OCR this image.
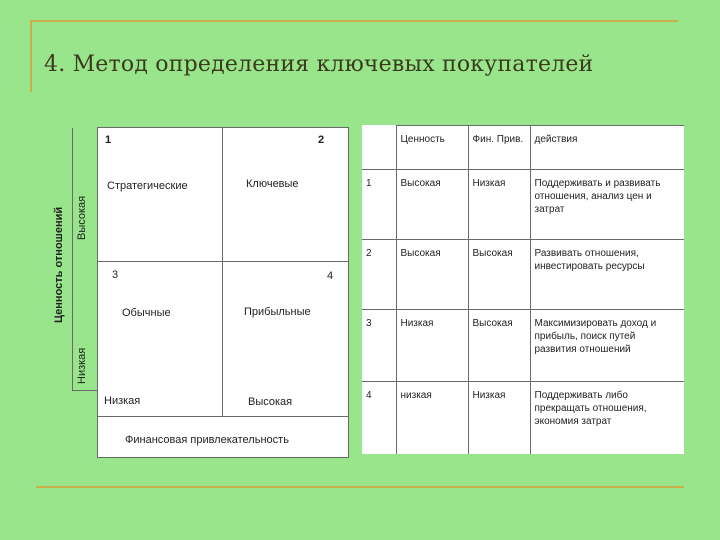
4. Метод определения ключевых покупателей
1	2
3	4
Стратегические	Ключевые
Обычные	Прибыльные
Низкая	Высокая
Финансовая привлекательность
Ценность отношений Высокая
Низкая
	Ценность	Фин. Прив.	действия
1	Высокая	Низкая	Поддерживать и развивать отношения, анализ цен и затрат
2	Высокая	Высокая	Развивать отношения, инвестировать ресурсы
3	Низкая	Высокая	Максимизировать доход и прибыль, поиск путей развития отношений
4	низкая	Низкая	Поддерживать либо прекращать отношения, экономия затрат
